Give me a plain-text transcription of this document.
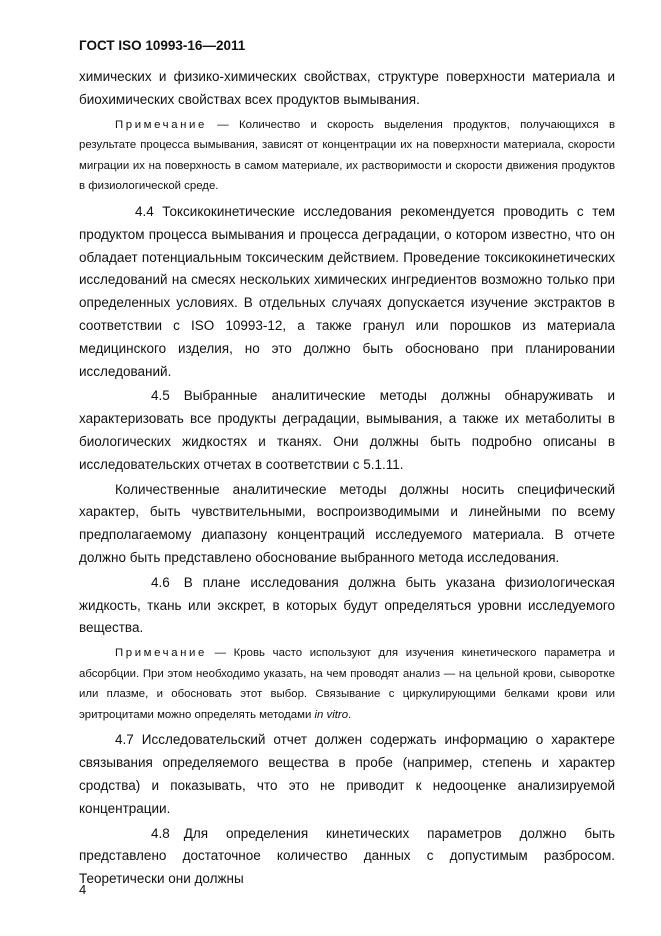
ГОСТ ISO 10993-16—2011

химических и физико-химических свойствах, структуре поверхности материала и биохимических свойствах всех продуктов вымывания.

Примечание — Количество и скорость выделения продуктов, получающихся в результате процесса вымывания, зависят от концентрации их на поверхности материала, скорости миграции их на поверхность в самом материале, их растворимости и скорости движения продуктов в физиологической среде.

4.4 Токсикокинетические исследования рекомендуется проводить с тем продуктом процесса вымывания и процесса деградации, о котором известно, что он обладает потенциальным токсическим действием. Проведение токсикокинетических исследований на смесях нескольких химических ингредиентов возможно только при определенных условиях. В отдельных случаях допускается изучение экстрактов в соответствии с ISO 10993-12, а также гранул или порошков из материала медицинского изделия, но это должно быть обосновано при планировании исследований.

4.5 Выбранные аналитические методы должны обнаруживать и характеризовать все продукты деградации, вымывания, а также их метаболиты в биологических жидкостях и тканях. Они должны быть подробно описаны в исследовательских отчетах в соответствии с 5.1.11.

Количественные аналитические методы должны носить специфический характер, быть чувствительными, воспроизводимыми и линейными по всему предполагаемому диапазону концентраций исследуемого материала. В отчете должно быть представлено обоснование выбранного метода исследования.

4.6 В плане исследования должна быть указана физиологическая жидкость, ткань или экскрет, в которых будут определяться уровни исследуемого вещества.

Примечание — Кровь часто используют для изучения кинетического параметра и абсорбции. При этом необходимо указать, на чем проводят анализ — на цельной крови, сыворотке или плазме, и обосновать этот выбор. Связывание с циркулирующими белками крови или эритроцитами можно определять методами in vitro.

4.7 Исследовательский отчет должен содержать информацию о характере связывания определяемого вещества в пробе (например, степень и характер сродства) и показывать, что это не приводит к недооценке анализируемой концентрации.

4.8 Для определения кинетических параметров должно быть представлено достаточное количество данных с допустимым разбросом. Теоретически они должны

4
